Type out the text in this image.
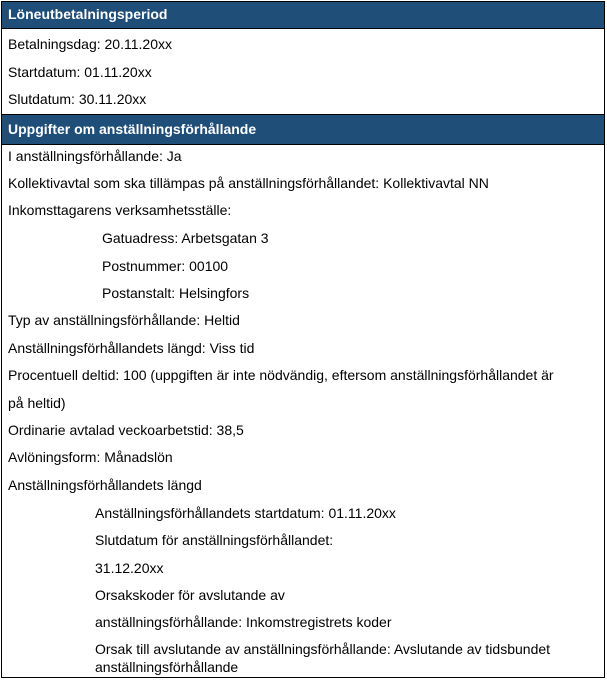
Löneutbetalningsperiod
Betalningsdag: 20.11.20xx
Startdatum: 01.11.20xx
Slutdatum: 30.11.20xx
Uppgifter om anställningsförhållande
I anställningsförhållande: Ja
Kollektivavtal som ska tillämpas på anställningsförhållandet: Kollektivavtal NN
Inkomsttagarens verksamhetsställe:
Gatuadress: Arbetsgatan 3
Postnummer: 00100
Postanstalt: Helsingfors
Typ av anställningsförhållande: Heltid
Anställningsförhållandets längd: Viss tid
Procentuell deltid: 100 (uppgiften är inte nödvändig, eftersom anställningsförhållandet är
på heltid)
Ordinarie avtalad veckoarbetstid: 38,5
Avlöningsform: Månadslön
Anställningsförhållandets längd
Anställningsförhållandets startdatum: 01.11.20xx
Slutdatum för anställningsförhållandet:
31.12.20xx
Orsakskoder för avslutande av
anställningsförhållande: Inkomstregistrets koder
Orsak till avslutande av anställningsförhållande: Avslutande av tidsbundet
anställningsförhållande
